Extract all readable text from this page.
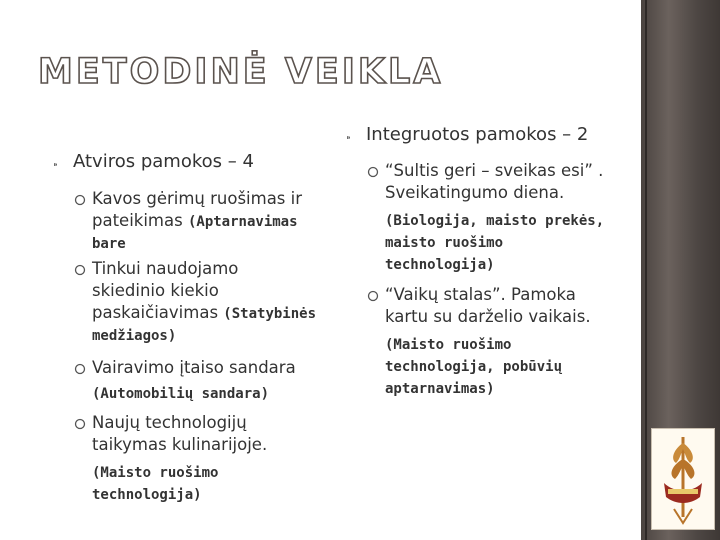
METODINĖ VEIKLA
⁍ Atviros pamokos – 4
Kavos gėrimų ruošimas ir
pateikimas (Aptarnavimas
bare
Tinkui naudojamo
skiedinio kiekio
paskaičiavimas (Statybinės
medžiagos)
Vairavimo įtaiso sandara
(Automobilių sandara)
Naujų technologijų
taikymas kulinarijoje.
(Maisto ruošimo
technologija)
⁍ Integruotos pamokos – 2
“Sultis geri – sveikas esi” .
Sveikatingumo diena.
(Biologija, maisto prekės,
maisto ruošimo
technologija)
“Vaikų stalas”. Pamoka
kartu su darželio vaikais.
(Maisto ruošimo
technologija, pobūvių
aptarnavimas)
